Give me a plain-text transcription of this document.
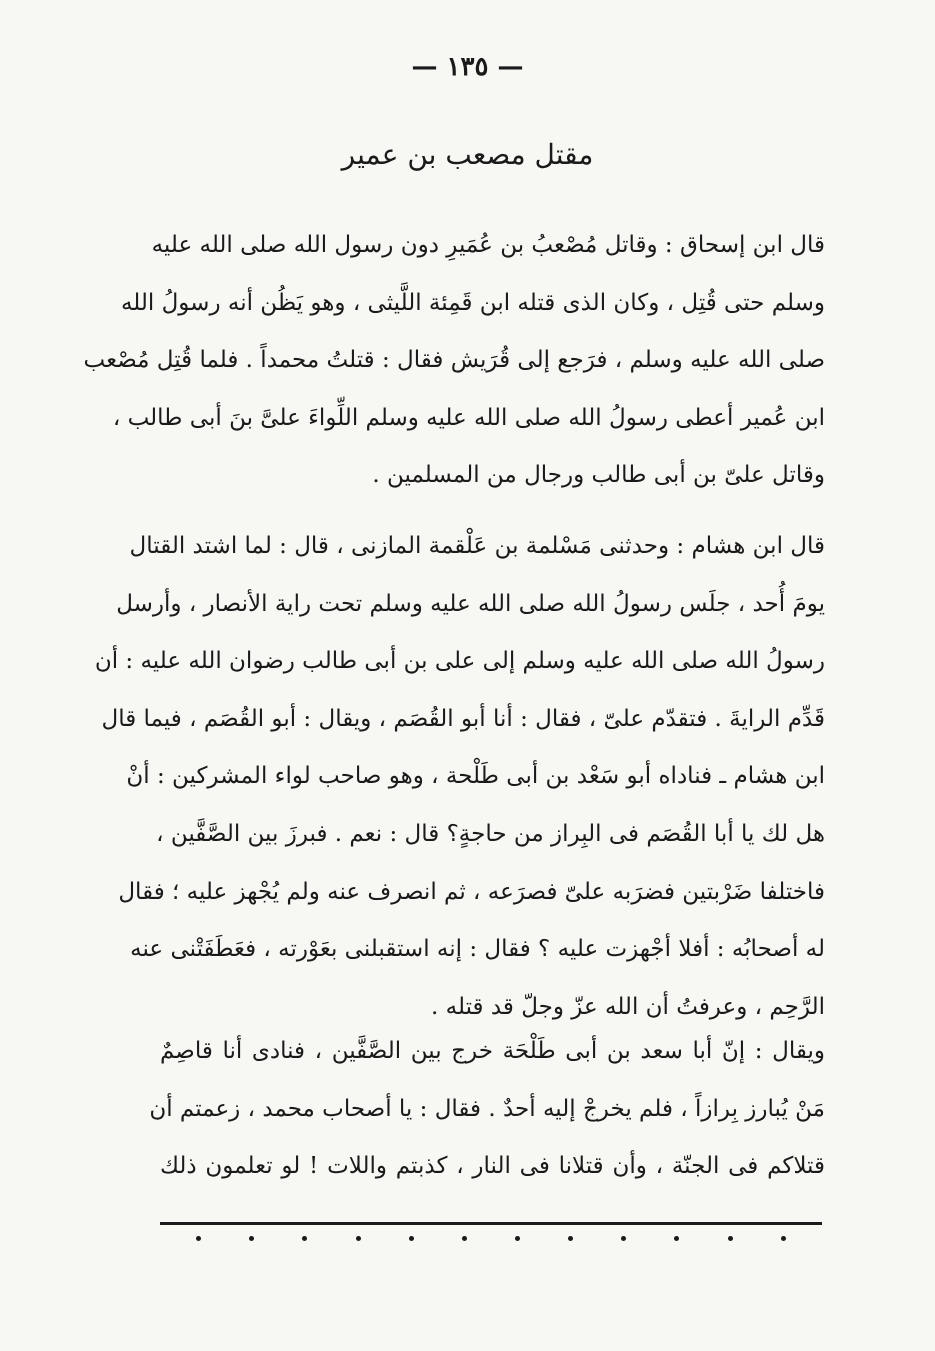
— ١٣٥ —
مقتل مصعب بن عمير
قال ابن إسحاق : وقاتل مُصْعبُ بن عُمَيرِ دون رسول الله صلى الله عليه
وسلم حتى قُتِل ، وكان الذى قتله ابن قَمِئة اللَّيثى ، وهو يَظُن أنه رسولُ الله
صلى الله عليه وسلم ، فرَجع إلى قُرَيش فقال : قتلتُ محمداً . فلما قُتِل مُصْعب
ابن عُمير أعطى رسولُ الله صلى الله عليه وسلم اللِّواءَ علىَّ بنَ أبى طالب ،
وقاتل علىّ بن أبى طالب ورجال من المسلمين .
قال ابن هشام : وحدثنى مَسْلمة بن عَلْقمة المازنى ، قال : لما اشتد القتال
يومَ أُحد ، جلَس رسولُ الله صلى الله عليه وسلم تحت راية الأنصار ، وأرسل
رسولُ الله صلى الله عليه وسلم إلى على بن أبى طالب رضوان الله عليه : أن
قَدِّم الرايةَ . فتقدّم علىّ ، فقال : أنا أبو القُصَم ، ويقال : أبو القُصَم ، فيما قال
ابن هشام ـ فناداه أبو سَعْد بن أبى طَلْحة ، وهو صاحب لواء المشركين : أنْ
هل لك يا أبا القُصَم فى البِراز من حاجةٍ؟ قال : نعم . فبرزَ بين الصَّفَّين ،
فاختلفا ضَرْبتين فضرَبه علىّ فصرَعه ، ثم انصرف عنه ولم يُجْهز عليه ؛ فقال
له أصحابُه : أفلا أجْهزت عليه ؟ فقال : إنه استقبلنى بعَوْرته ، فعَطَفَتْنى عنه
الرَّحِم ، وعرفتُ أن الله عزّ وجلّ قد قتله .
ويقال : إنّ أبا سعد بن أبى طَلْحَة خرج بين الصَّفَّين ، فنادى أنا قاصِمٌ
مَنْ يُبارز بِرازاً ، فلم يخرجْ إليه أحدٌ . فقال : يا أصحاب محمد ، زعمتم أن
قتلاكم فى الجنّة ، وأن قتلانا فى النار ، كذبتم واللات ! لو تعلمون ذلك
